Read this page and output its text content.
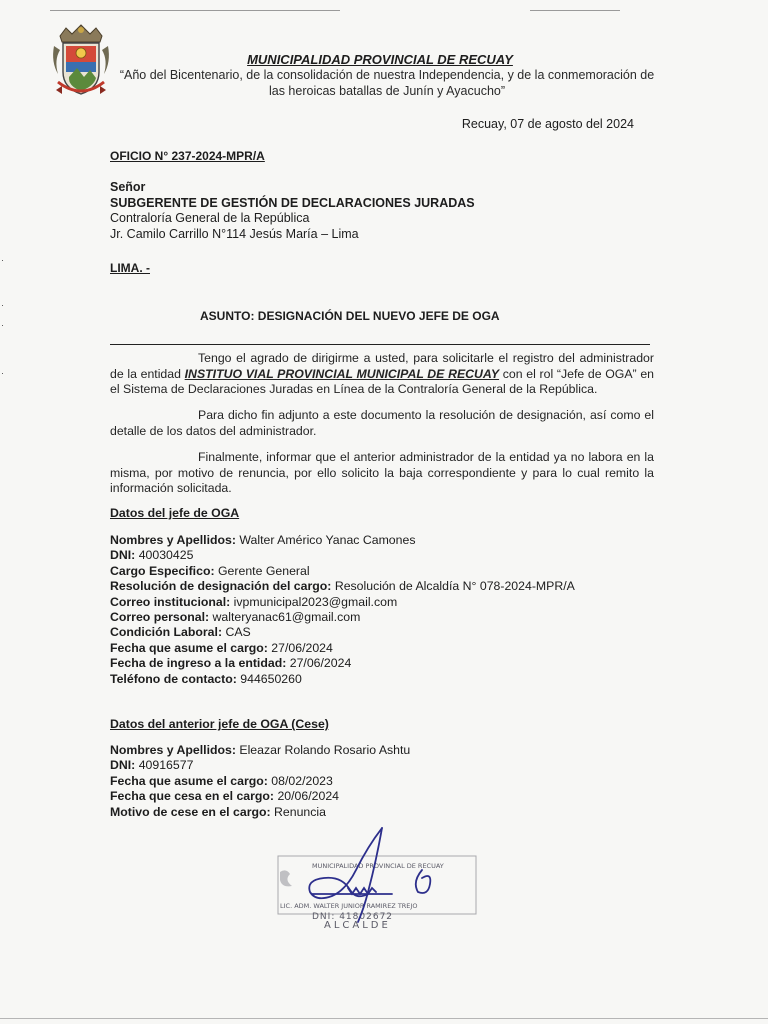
·
·
·
·
MUNICIPALIDAD PROVINCIAL DE RECUAY
“Año del Bicentenario, de la consolidación de nuestra Independencia, y de la conmemoración de las heroicas batallas de Junín y Ayacucho”
Recuay, 07 de agosto del 2024
OFICIO N° 237-2024-MPR/A
Señor
SUBGERENTE DE GESTIÓN DE DECLARACIONES JURADAS
Contraloría General de la República
Jr. Camilo Carrillo N°114 Jesús María – Lima
LIMA. -
ASUNTO: DESIGNACIÓN DEL NUEVO JEFE DE OGA
Tengo el agrado de dirigirme a usted, para solicitarle el registro del administrador de la entidad INSTITUO VIAL PROVINCIAL MUNICIPAL DE RECUAY con el rol “Jefe de OGA” en el Sistema de Declaraciones Juradas en Línea de la Contraloría General de la República.
Para dicho fin adjunto a este documento la resolución de designación, así como el detalle de los datos del administrador.
Finalmente, informar que el anterior administrador de la entidad ya no labora en la misma, por motivo de renuncia, por ello solicito la baja correspondiente y para lo cual remito la información solicitada.
Datos del jefe de OGA
Nombres y Apellidos: Walter Américo Yanac Camones
DNI: 40030425
Cargo Especifico: Gerente General
Resolución de designación del cargo: Resolución de Alcaldía N° 078-2024-MPR/A
Correo institucional: ivpmunicipal2023@gmail.com
Correo personal: walteryanac61@gmail.com
Condición Laboral: CAS
Fecha que asume el cargo: 27/06/2024
Fecha de ingreso a la entidad: 27/06/2024
Teléfono de contacto: 944650260
Datos del anterior jefe de OGA (Cese)
Nombres y Apellidos: Eleazar Rolando Rosario Ashtu
DNI: 40916577
Fecha que asume el cargo: 08/02/2023
Fecha que cesa en el cargo: 20/06/2024
Motivo de cese en el cargo: Renuncia
MUNICIPALIDAD PROVINCIAL DE RECUAY
LIC. ADM. WALTER JUNIOR RAMIREZ TREJO
DNI: 41802672
ALCALDE
